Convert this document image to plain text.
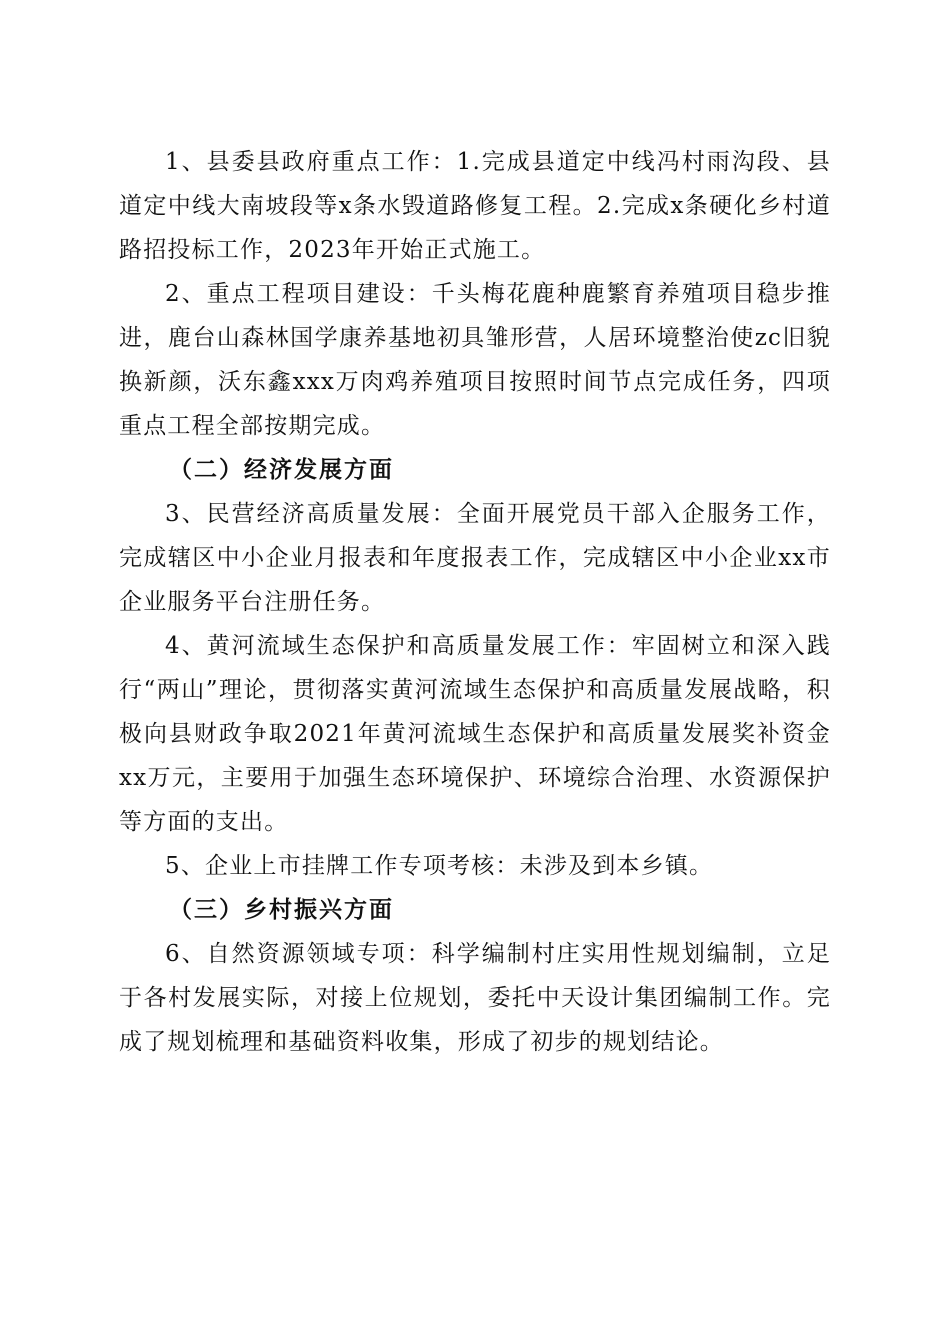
1、县委县政府重点工作：1.完成县道定中线冯村雨沟段、县道定中线大南坡段等x条水毁道路修复工程。2.完成x条硬化乡村道路招投标工作，2023年开始正式施工。

2、重点工程项目建设：千头梅花鹿种鹿繁育养殖项目稳步推进，鹿台山森林国学康养基地初具雏形营，人居环境整治使zc旧貌换新颜，沃东鑫xxx万肉鸡养殖项目按照时间节点完成任务，四项重点工程全部按期完成。

（二）经济发展方面

3、民营经济高质量发展：全面开展党员干部入企服务工作，完成辖区中小企业月报表和年度报表工作，完成辖区中小企业xx市企业服务平台注册任务。

4、黄河流域生态保护和高质量发展工作：牢固树立和深入践行“两山”理论，贯彻落实黄河流域生态保护和高质量发展战略，积极向县财政争取2021年黄河流域生态保护和高质量发展奖补资金xx万元，主要用于加强生态环境保护、环境综合治理、水资源保护等方面的支出。

5、企业上市挂牌工作专项考核：未涉及到本乡镇。

（三）乡村振兴方面

6、自然资源领域专项：科学编制村庄实用性规划编制，立足于各村发展实际，对接上位规划，委托中天设计集团编制工作。完成了规划梳理和基础资料收集，形成了初步的规划结论。
